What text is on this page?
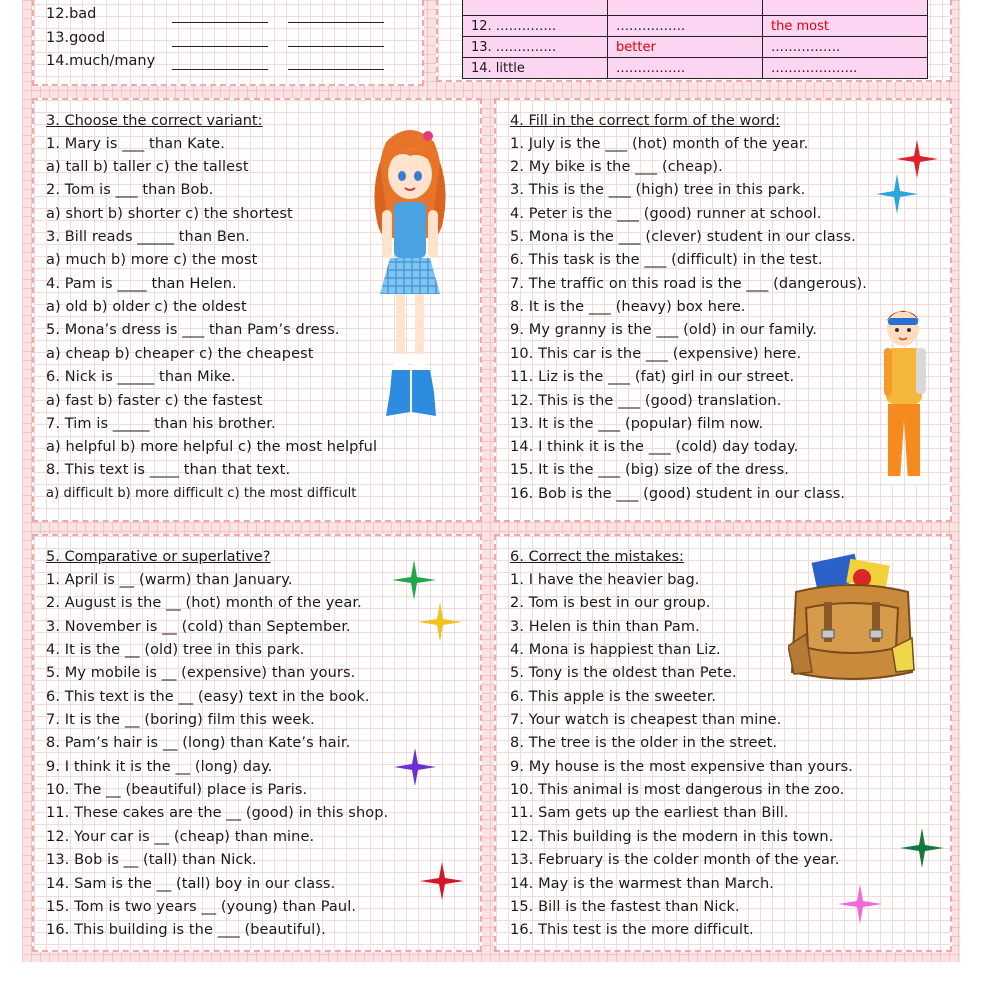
12.bad
13.good
14.much/many

12. …………..	…………….	the most
13. …………..	better	…………….
14. little	…………….	………………..
3. Choose the correct variant:
1. Mary is ___ than Kate.
a) tall b) taller c) the tallest
2. Tom is ___ than Bob.
a) short b) shorter c) the shortest
3. Bill reads _____ than Ben.
a) much b) more c) the most
4. Pam is ____ than Helen.
a) old b) older c) the oldest
5. Mona’s dress is ___ than Pam’s dress.
a) cheap b) cheaper c) the cheapest
6. Nick is _____ than Mike.
a) fast b) faster c) the fastest
7. Tim is _____ than his brother.
a) helpful b) more helpful c) the most helpful
8. This text is ____ than that text.
a) difficult b) more difficult c) the most difficult
4. Fill in the correct form of the word:
1. July is the ___ (hot) month of the year.
2. My bike is the ___ (cheap).
3. This is the ___ (high) tree in this park.
4. Peter is the ___ (good) runner at school.
5. Mona is the ___ (clever) student in our class.
6. This task is the ___ (difficult) in the test.
7. The traffic on this road is the ___ (dangerous).
8. It is the ___ (heavy) box here.
9. My granny is the ___ (old) in our family.
10. This car is the ___ (expensive) here.
11. Liz is the ___ (fat) girl in our street.
12. This is the ___ (good) translation.
13. It is the ___ (popular) film now.
14. I think it is the ___ (cold) day today.
15. It is the ___ (big) size of the dress.
16. Bob is the ___ (good) student in our class.
5. Comparative or superlative?
1. April is __ (warm) than January.
2. August is the __ (hot) month of the year.
3. November is __ (cold) than September.
4. It is the __ (old) tree in this park.
5. My mobile is __ (expensive) than yours.
6. This text is the __ (easy) text in the book.
7. It is the __ (boring) film this week.
8. Pam’s hair is __ (long) than Kate’s hair.
9. I think it is the __ (long) day.
10. The __ (beautiful) place is Paris.
11. These cakes are the __ (good) in this shop.
12. Your car is __ (cheap) than mine.
13. Bob is __ (tall) than Nick.
14. Sam is the __ (tall) boy in our class.
15. Tom is two years __ (young) than Paul.
16. This building is the ___ (beautiful).
6. Correct the mistakes:
1. I have the heavier bag.
2. Tom is best in our group.
3. Helen is thin than Pam.
4. Mona is happiest than Liz.
5. Tony is the oldest than Pete.
6. This apple is the sweeter.
7. Your watch is cheapest than mine.
8. The tree is the older in the street.
9. My house is the most expensive than yours.
10. This animal is most dangerous in the zoo.
11. Sam gets up the earliest than Bill.
12. This building is the modern in this town.
13. February is the colder month of the year.
14. May is the warmest than March.
15. Bill is the fastest than Nick.
16. This test is the more difficult.
